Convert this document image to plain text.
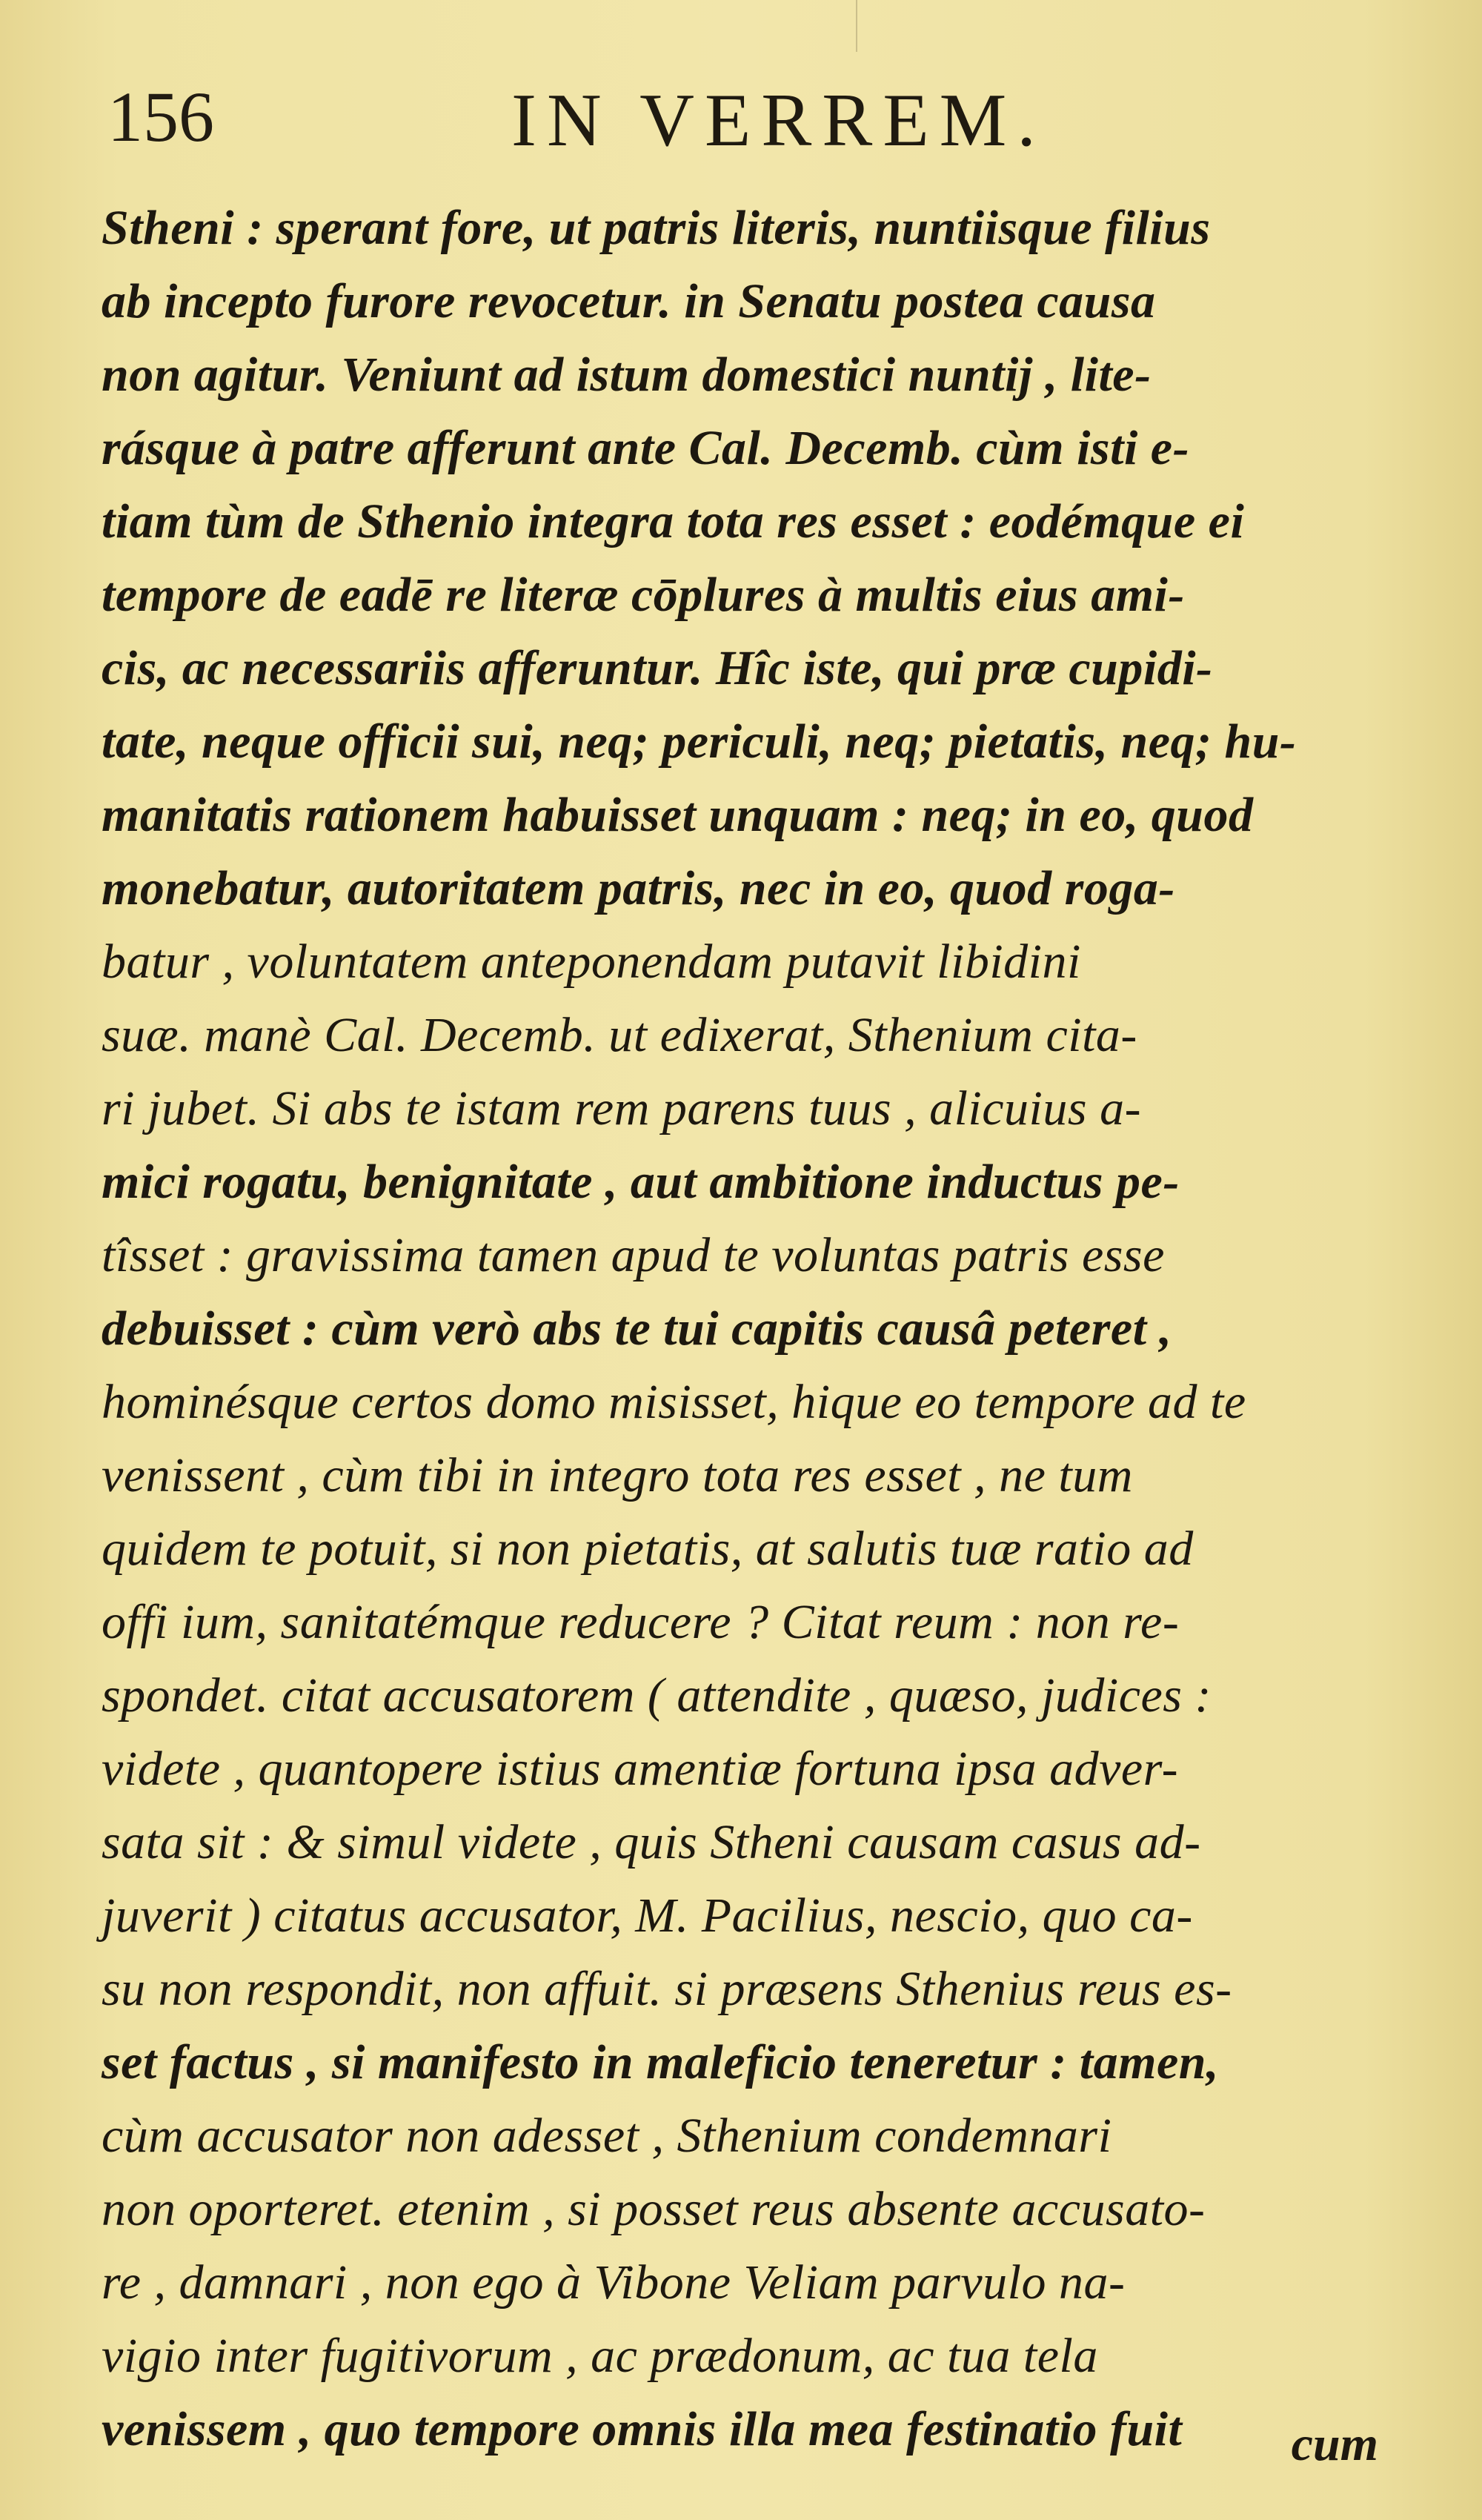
156	IN VERREM.
Stheni : sperant fore, ut patris literis, nuntiisque filius
ab incepto furore revocetur. in Senatu postea causa
non agitur. Veniunt ad istum domestici nuntij , lite-
rásque à patre afferunt ante Cal. Decemb. cùm isti e-
tiam tùm de Sthenio integra tota res esset : eodémque ei
tempore de eadē re literæ cōplures à multis eius ami-
cis, ac necessariis afferuntur. Hîc iste, qui præ cupidi-
tate, neque officii sui, neq; periculi, neq; pietatis, neq; hu-
manitatis rationem habuisset unquam : neq; in eo, quod
monebatur, autoritatem patris, nec in eo, quod roga-
batur , voluntatem anteponendam putavit libidini
suæ. manè Cal. Decemb. ut edixerat, Sthenium cita-
ri jubet. Si abs te istam rem parens tuus , alicuius a-
mici rogatu, benignitate , aut ambitione inductus pe-
tîsset : gravissima tamen apud te voluntas patris esse
debuisset : cùm verò abs te tui capitis causâ peteret ,
hominésque certos domo misisset, hique eo tempore ad te
venissent , cùm tibi in integro tota res esset , ne tum
quidem te potuit, si non pietatis, at salutis tuæ ratio ad
offi ium, sanitatémque reducere ? Citat reum : non re-
spondet. citat accusatorem ( attendite , quæso, judices :
videte , quantopere istius amentiæ fortuna ipsa adver-
sata sit : & simul videte , quis Stheni causam casus ad-
juverit ) citatus accusator, M. Pacilius, nescio, quo ca-
su non respondit, non affuit. si præsens Sthenius reus es-
set factus , si manifesto in maleficio teneretur : tamen,
cùm accusator non adesset , Sthenium condemnari
non oporteret. etenim , si posset reus absente accusato-
re , damnari , non ego à Vibone Veliam parvulo na-
vigio inter fugitivorum , ac prædonum, ac tua tela
venissem , quo tempore omnis illa mea festinatio fuit	cum
